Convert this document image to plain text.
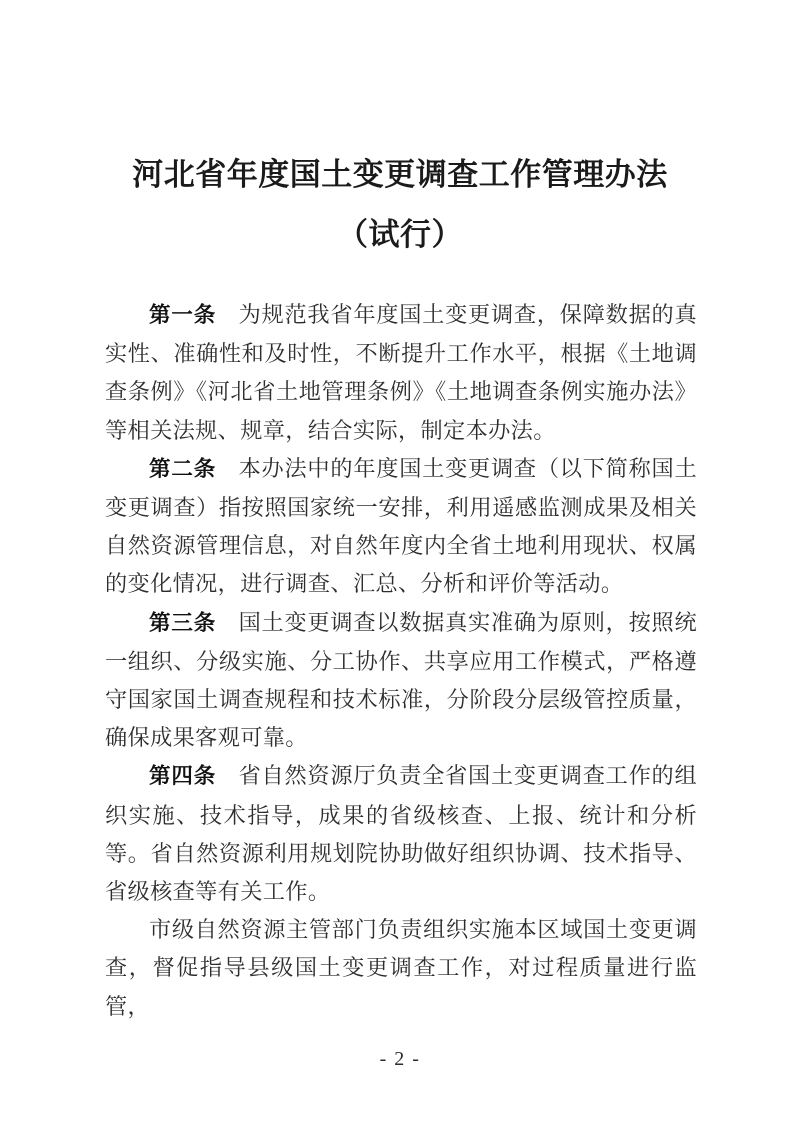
河北省年度国土变更调查工作管理办法
（试行）

第一条 为规范我省年度国土变更调查，保障数据的真实性、准确性和及时性，不断提升工作水平，根据《土地调查条例》《河北省土地管理条例》《土地调查条例实施办法》等相关法规、规章，结合实际，制定本办法。

第二条 本办法中的年度国土变更调查（以下简称国土变更调查）指按照国家统一安排，利用遥感监测成果及相关自然资源管理信息，对自然年度内全省土地利用现状、权属的变化情况，进行调查、汇总、分析和评价等活动。

第三条 国土变更调查以数据真实准确为原则，按照统一组织、分级实施、分工协作、共享应用工作模式，严格遵守国家国土调查规程和技术标准，分阶段分层级管控质量，确保成果客观可靠。

第四条 省自然资源厅负责全省国土变更调查工作的组织实施、技术指导，成果的省级核查、上报、统计和分析等。省自然资源利用规划院协助做好组织协调、技术指导、省级核查等有关工作。

市级自然资源主管部门负责组织实施本区域国土变更调查，督促指导县级国土变更调查工作，对过程质量进行监管，

- 2 -
